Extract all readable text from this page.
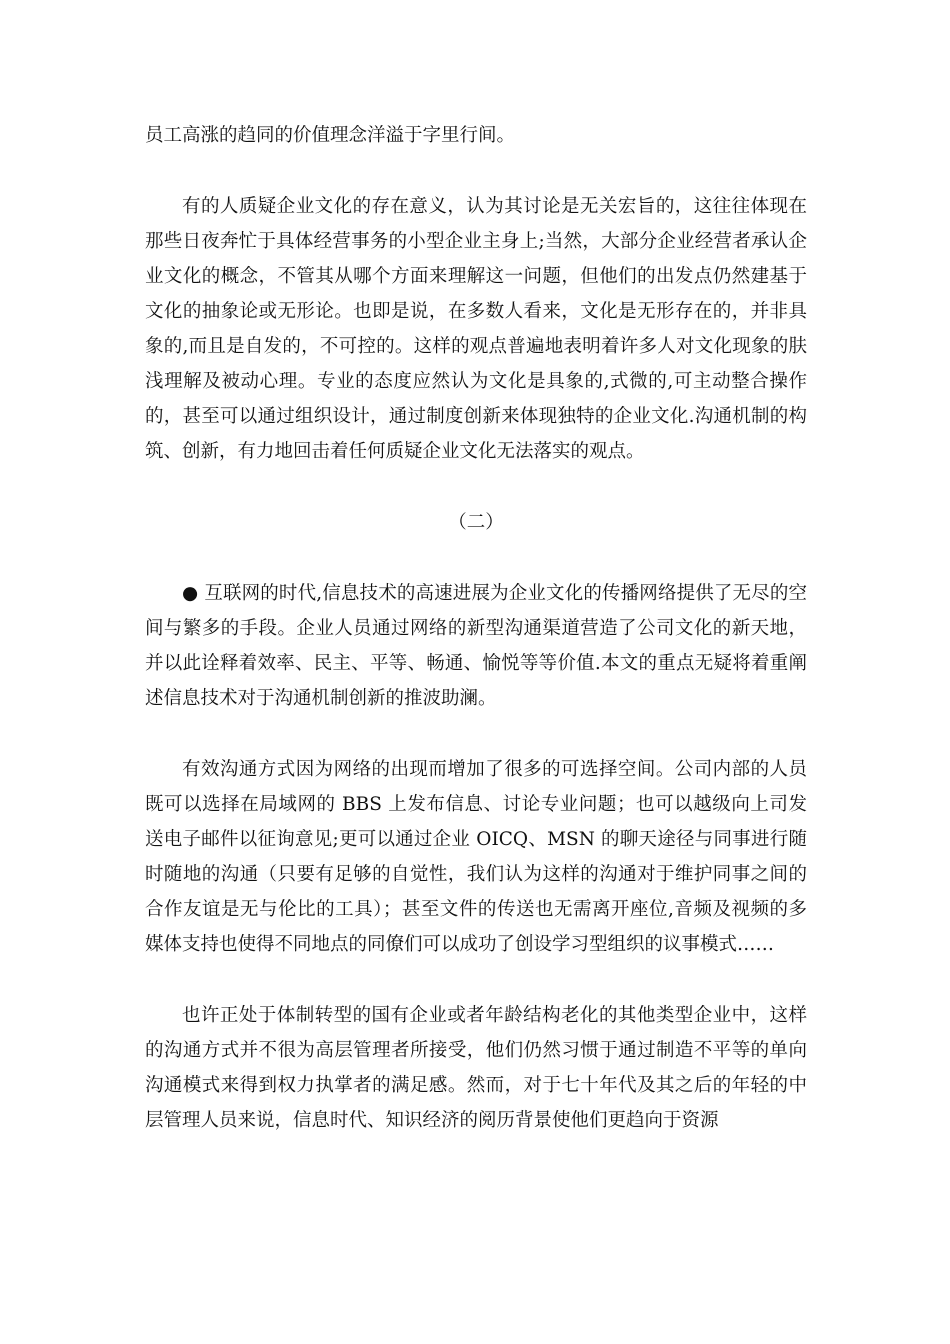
员工高涨的趋同的价值理念洋溢于字里行间。

有的人质疑企业文化的存在意义，认为其讨论是无关宏旨的，这往往体现在那些日夜奔忙于具体经营事务的小型企业主身上;当然，大部分企业经营者承认企业文化的概念，不管其从哪个方面来理解这一问题，但他们的出发点仍然建基于文化的抽象论或无形论。也即是说，在多数人看来，文化是无形存在的，并非具象的,而且是自发的，不可控的。这样的观点普遍地表明着许多人对文化现象的肤浅理解及被动心理。专业的态度应然认为文化是具象的,式微的,可主动整合操作的，甚至可以通过组织设计，通过制度创新来体现独特的企业文化.沟通机制的构筑、创新，有力地回击着任何质疑企业文化无法落实的观点。

（二）

● 互联网的时代,信息技术的高速进展为企业文化的传播网络提供了无尽的空间与繁多的手段。企业人员通过网络的新型沟通渠道营造了公司文化的新天地，并以此诠释着效率、民主、平等、畅通、愉悦等等价值.本文的重点无疑将着重阐述信息技术对于沟通机制创新的推波助澜。

有效沟通方式因为网络的出现而增加了很多的可选择空间。公司内部的人员既可以选择在局域网的 BBS 上发布信息、讨论专业问题；也可以越级向上司发送电子邮件以征询意见;更可以通过企业 OICQ、MSN 的聊天途径与同事进行随时随地的沟通（只要有足够的自觉性，我们认为这样的沟通对于维护同事之间的合作友谊是无与伦比的工具）；甚至文件的传送也无需离开座位,音频及视频的多媒体支持也使得不同地点的同僚们可以成功了创设学习型组织的议事模式……

也许正处于体制转型的国有企业或者年龄结构老化的其他类型企业中，这样的沟通方式并不很为高层管理者所接受，他们仍然习惯于通过制造不平等的单向沟通模式来得到权力执掌者的满足感。然而，对于七十年代及其之后的年轻的中层管理人员来说，信息时代、知识经济的阅历背景使他们更趋向于资源
